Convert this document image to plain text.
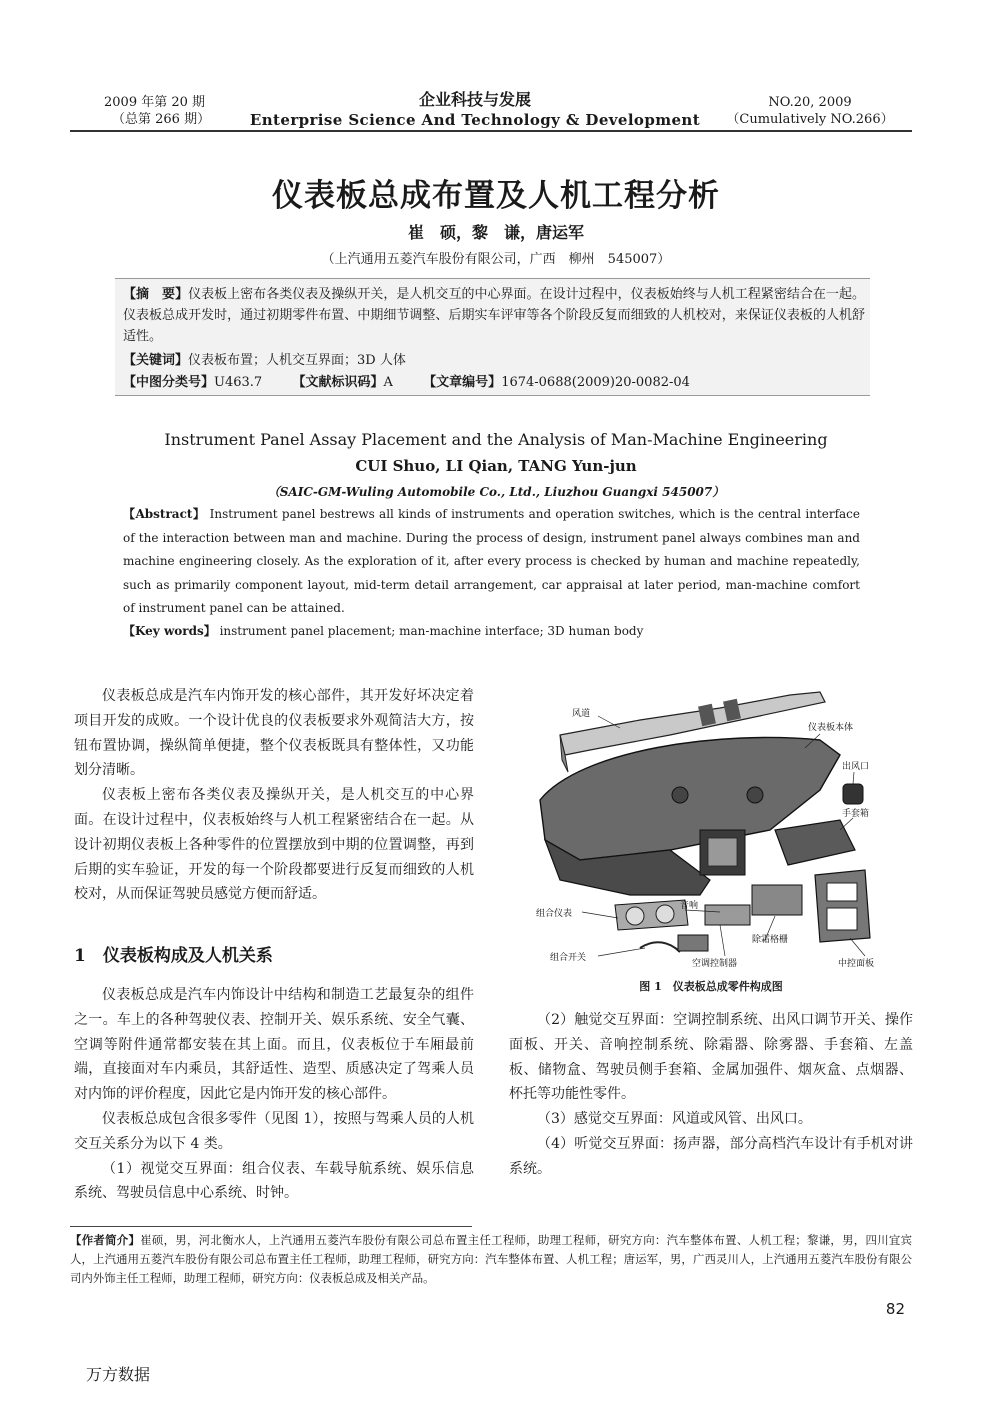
2009 年第 20 期
（总第 266 期）
企业科技与发展
Enterprise Science And Technology & Development
NO.20, 2009
（Cumulatively NO.266）
仪表板总成布置及人机工程分析
崔　硕，黎　谦，唐运军
（上汽通用五菱汽车股份有限公司，广西　柳州　545007）
【摘　要】仪表板上密布各类仪表及操纵开关，是人机交互的中心界面。在设计过程中，仪表板始终与人机工程紧密结合在一起。仪表板总成开发时，通过初期零件布置、中期细节调整、后期实车评审等各个阶段反复而细致的人机校对，来保证仪表板的人机舒适性。
【关键词】仪表板布置；人机交互界面；3D 人体
【中图分类号】U463.7 【文献标识码】A 【文章编号】1674-0688(2009)20-0082-04
Instrument Panel Assay Placement and the Analysis of Man-Machine Engineering
CUI Shuo, LI Qian, TANG Yun-jun
（SAIC-GM-Wuling Automobile Co., Ltd., Liuzhou Guangxi 545007）
【Abstract】 Instrument panel bestrews all kinds of instruments and operation switches, which is the central interface of the interaction between man and machine. During the process of design, instrument panel always combines man and machine engineering closely. As the exploration of it, after every process is checked by human and machine repeatedly, such as primarily component layout, mid-term detail arrangement, car appraisal at later period, man-machine comfort of instrument panel can be attained.
【Key words】 instrument panel placement; man-machine interface; 3D human body

仪表板总成是汽车内饰开发的核心部件，其开发好坏决定着项目开发的成败。一个设计优良的仪表板要求外观简洁大方，按钮布置协调，操纵简单便捷，整个仪表板既具有整体性，又功能划分清晰。

仪表板上密布各类仪表及操纵开关，是人机交互的中心界面。在设计过程中，仪表板始终与人机工程紧密结合在一起。从设计初期仪表板上各种零件的位置摆放到中期的位置调整，再到后期的实车验证，开发的每一个阶段都要进行反复而细致的人机校对，从而保证驾驶员感觉方便而舒适。

1　仪表板构成及人机关系

仪表板总成是汽车内饰设计中结构和制造工艺最复杂的组件之一。车上的各种驾驶仪表、控制开关、娱乐系统、安全气囊、空调等附件通常都安装在其上面。而且，仪表板位于车厢最前端，直接面对车内乘员，其舒适性、造型、质感决定了驾乘人员对内饰的评价程度，因此它是内饰开发的核心部件。

仪表板总成包含很多零件（见图 1），按照与驾乘人员的人机交互关系分为以下 4 类。

（1）视觉交互界面：组合仪表、车载导航系统、娱乐信息系统、驾驶员信息中心系统、时钟。

风道
仪表板本体
出风口
手套箱
组合仪表
音响
除霜格栅
组合开关
空调控制器	中控面板
图 1　仪表板总成零件构成图

（2）触觉交互界面：空调控制系统、出风口调节开关、操作面板、开关、音响控制系统、除霜器、除雾器、手套箱、左盖板、储物盒、驾驶员侧手套箱、金属加强件、烟灰盒、点烟器、杯托等功能性零件。

（3）感觉交互界面：风道或风管、出风口。

（4）听觉交互界面：扬声器，部分高档汽车设计有手机对讲系统。

【作者简介】崔硕，男，河北衡水人，上汽通用五菱汽车股份有限公司总布置主任工程师，助理工程师，研究方向：汽车整体布置、人机工程；黎谦，男，四川宜宾人，上汽通用五菱汽车股份有限公司总布置主任工程师，助理工程师，研究方向：汽车整体布置、人机工程；唐运军，男，广西灵川人，上汽通用五菱汽车股份有限公司内外饰主任工程师，助理工程师，研究方向：仪表板总成及相关产品。
82
万方数据
